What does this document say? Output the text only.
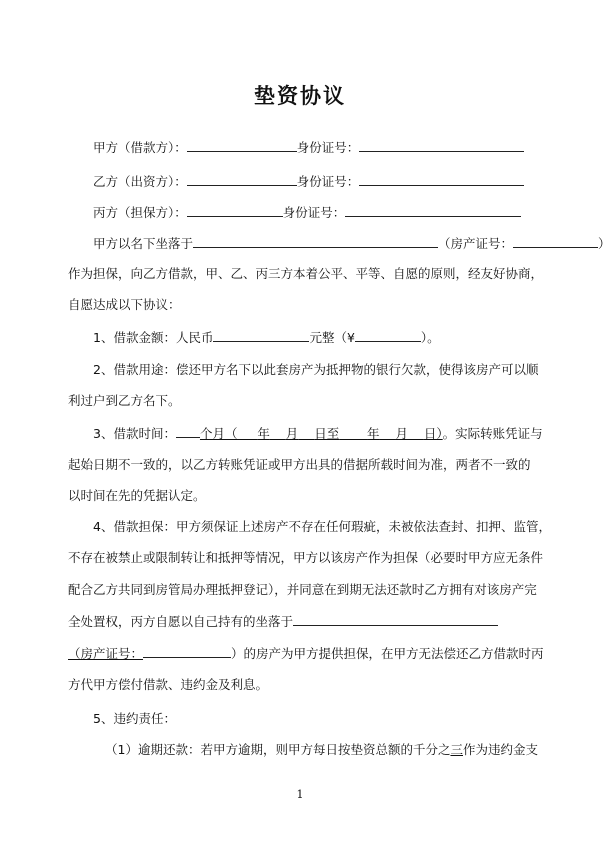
垫资协议
甲方（借款方）：	身份证号：
乙方（出资方）：	身份证号：
丙方（担保方）：	身份证号：
甲方以名下坐落于	（房产证号：	）
作为担保，向乙方借款，甲、乙、丙三方本着公平、平等、自愿的原则，经友好协商，
自愿达成以下协议：
1、借款金额：人民币	元整（¥	）。
2、借款用途：偿还甲方名下以此套房产为抵押物的银行欠款，使得该房产可以顺
利过户到乙方名下。
3、借款时间： 个月（ 年 月 日至 年 月 日）。实际转账凭证与
起始日期不一致的，以乙方转账凭证或甲方出具的借据所载时间为准，两者不一致的
以时间在先的凭据认定。
4、借款担保：甲方须保证上述房产不存在任何瑕疵，未被依法查封、扣押、监管，
不存在被禁止或限制转让和抵押等情况，甲方以该房产作为担保（必要时甲方应无条件
配合乙方共同到房管局办理抵押登记），并同意在到期无法还款时乙方拥有对该房产完
全处置权，丙方自愿以自己持有的坐落于
（房产证号：	）的房产为甲方提供担保，在甲方无法偿还乙方借款时丙
方代甲方偿付借款、违约金及利息。
5、违约责任：
（1）逾期还款：若甲方逾期，则甲方每日按垫资总额的千分之三作为违约金支
1
